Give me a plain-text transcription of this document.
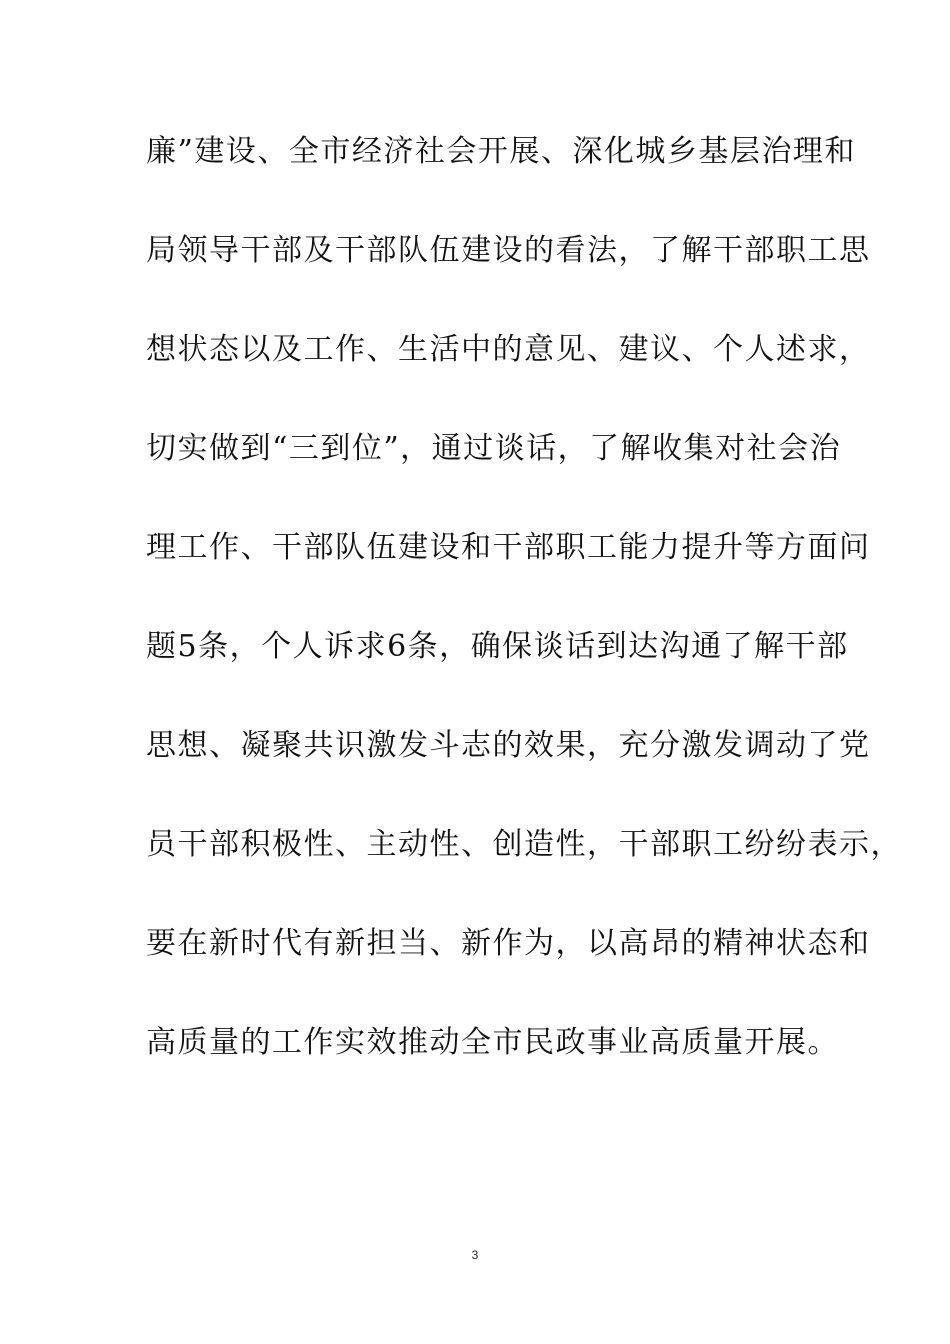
廉”建设、全市经济社会开展、深化城乡基层治理和
局领导干部及干部队伍建设的看法，了解干部职工思
想状态以及工作、生活中的意见、建议、个人述求，
切实做到“三到位”，通过谈话，了解收集对社会治
理工作、干部队伍建设和干部职工能力提升等方面问
题5条，个人诉求6条，确保谈话到达沟通了解干部
思想、凝聚共识激发斗志的效果，充分激发调动了党
员干部积极性、主动性、创造性，干部职工纷纷表示，
要在新时代有新担当、新作为，以高昂的精神状态和
高质量的工作实效推动全市民政事业高质量开展。
3
